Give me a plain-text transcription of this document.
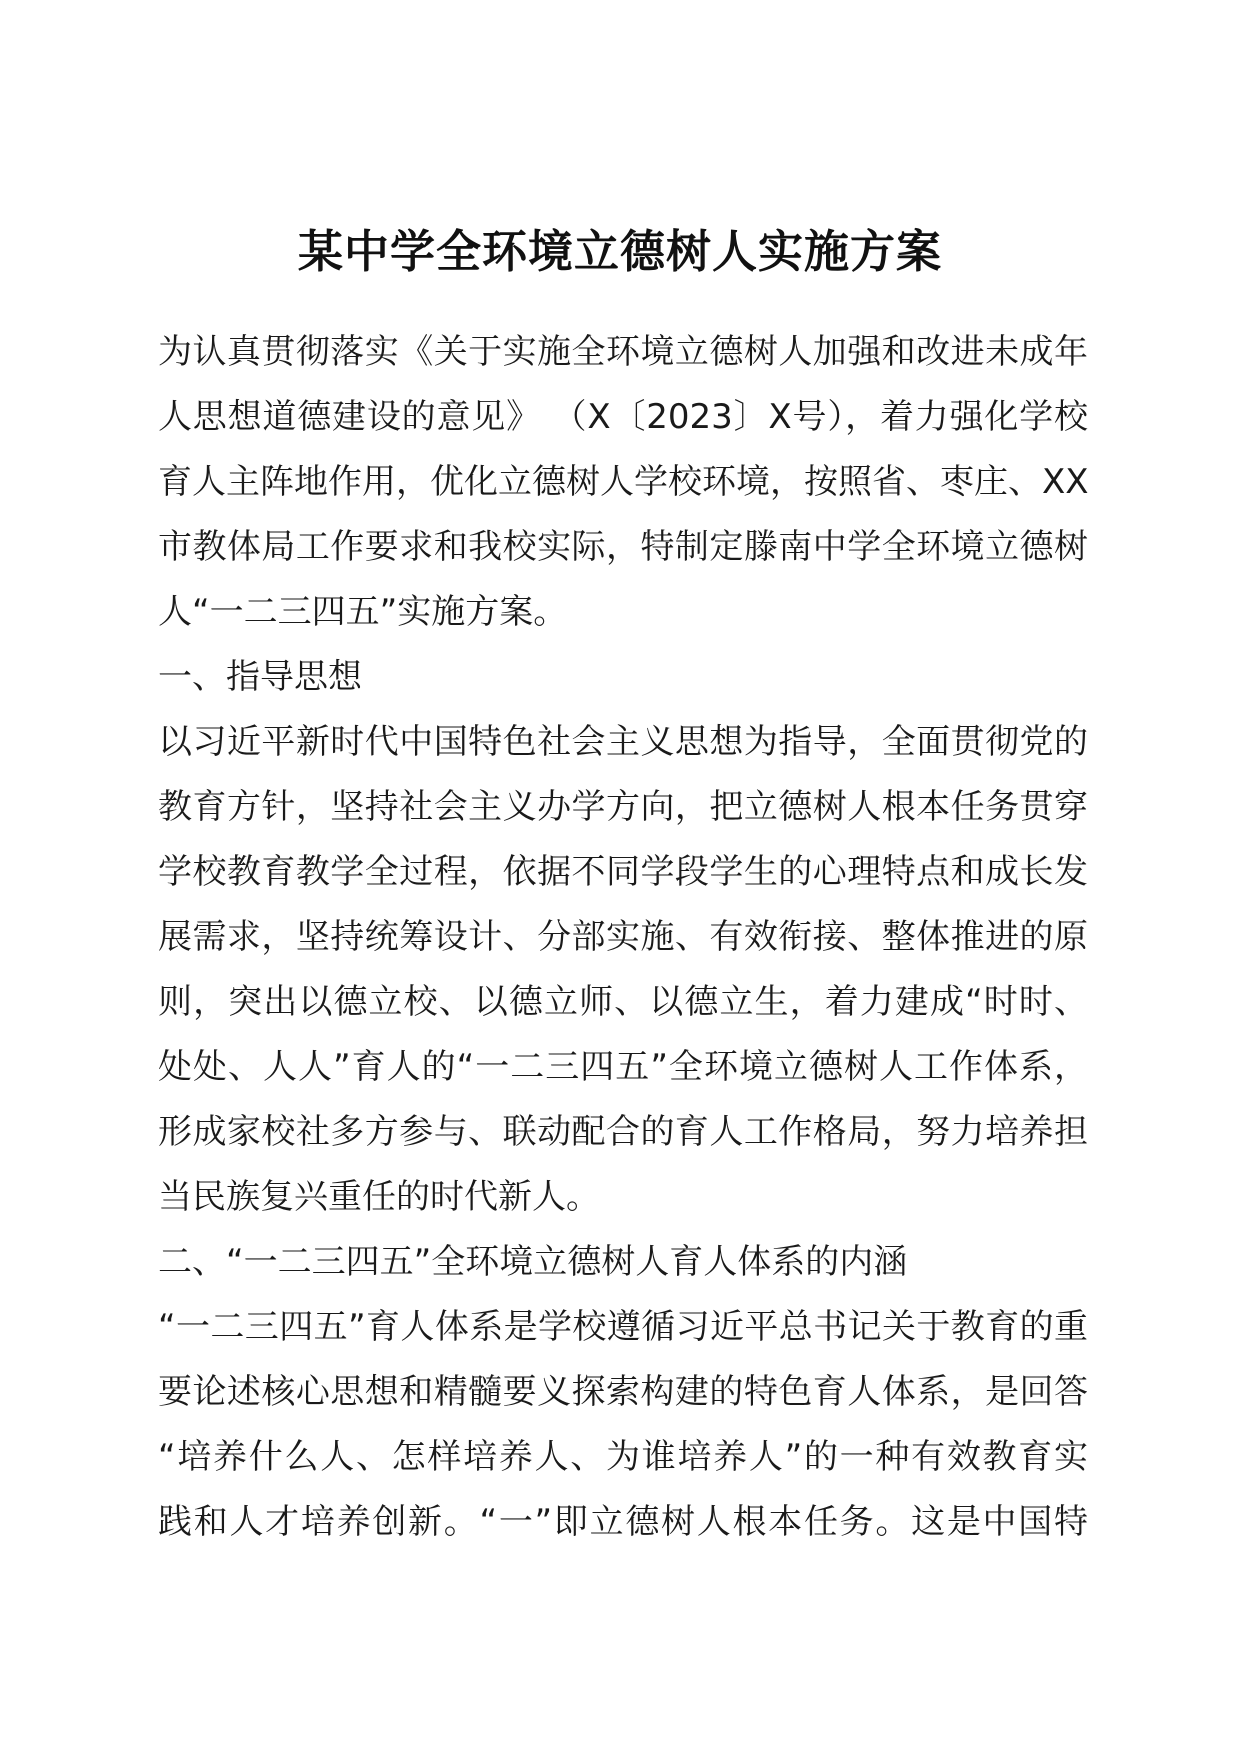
某中学全环境立德树人实施方案
为认真贯彻落实《关于实施全环境立德树人加强和改进未成年
人思想道德建设的意见》 （X〔2023〕X号），着力强化学校
育人主阵地作用，优化立德树人学校环境，按照省、枣庄、XX
市教体局工作要求和我校实际，特制定滕南中学全环境立德树
人“一二三四五”实施方案。
一、指导思想
以习近平新时代中国特色社会主义思想为指导，全面贯彻党的
教育方针，坚持社会主义办学方向，把立德树人根本任务贯穿
学校教育教学全过程，依据不同学段学生的心理特点和成长发
展需求，坚持统筹设计、分部实施、有效衔接、整体推进的原
则，突出以德立校、以德立师、以德立生，着力建成“时时、
处处、人人”育人的“一二三四五”全环境立德树人工作体系，
形成家校社多方参与、联动配合的育人工作格局，努力培养担
当民族复兴重任的时代新人。
二、“一二三四五”全环境立德树人育人体系的内涵
“一二三四五”育人体系是学校遵循习近平总书记关于教育的重
要论述核心思想和精髓要义探索构建的特色育人体系，是回答
“培养什么人、怎样培养人、为谁培养人”的一种有效教育实
践和人才培养创新。“一”即立德树人根本任务。这是中国特
